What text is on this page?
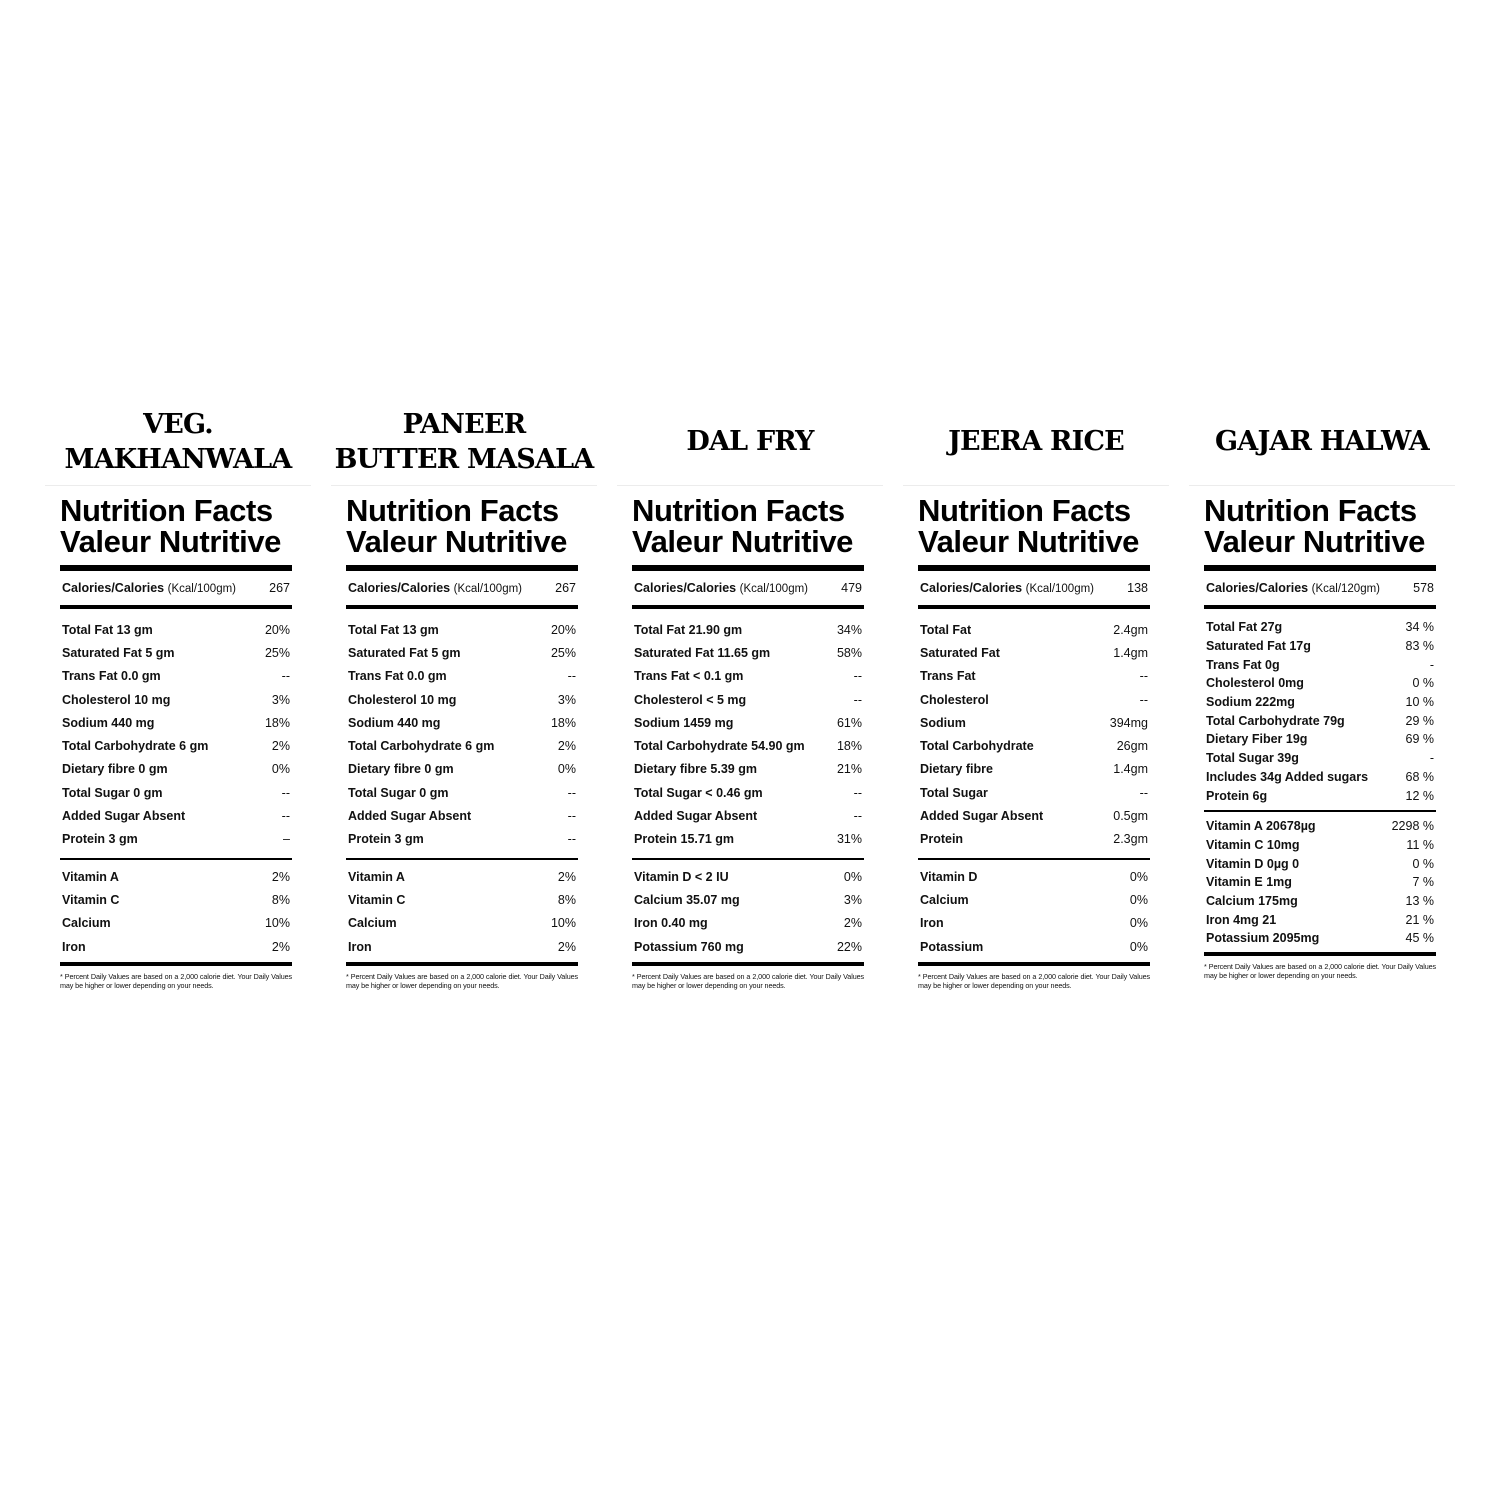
VEG.
MAKHANWALA
Nutrition Facts
Valeur Nutritive
Calories/Calories (Kcal/100gm)	267
Total Fat 13 gm	20%
Saturated Fat 5 gm	25%
Trans Fat 0.0 gm	--
Cholesterol 10 mg	3%
Sodium 440 mg	18%
Total Carbohydrate 6 gm	2%
Dietary fibre 0 gm	0%
Total Sugar 0 gm	--
Added Sugar Absent	--
Protein 3 gm	–
Vitamin A	2%
Vitamin C	8%
Calcium	10%
Iron	2%
* Percent Daily Values are based on a 2,000 calorie diet. Your Daily Values may be higher or lower depending on your needs.
PANEER
BUTTER MASALA
Nutrition Facts
Valeur Nutritive
Calories/Calories (Kcal/100gm)	267
Total Fat 13 gm	20%
Saturated Fat 5 gm	25%
Trans Fat 0.0 gm	--
Cholesterol 10 mg	3%
Sodium 440 mg	18%
Total Carbohydrate 6 gm	2%
Dietary fibre 0 gm	0%
Total Sugar 0 gm	--
Added Sugar Absent	--
Protein 3 gm	--
Vitamin A	2%
Vitamin C	8%
Calcium	10%
Iron	2%
* Percent Daily Values are based on a 2,000 calorie diet. Your Daily Values may be higher or lower depending on your needs.
DAL FRY
Nutrition Facts
Valeur Nutritive
Calories/Calories (Kcal/100gm)	479
Total Fat 21.90 gm	34%
Saturated Fat 11.65 gm	58%
Trans Fat < 0.1 gm	--
Cholesterol < 5 mg	--
Sodium 1459 mg	61%
Total Carbohydrate 54.90 gm	18%
Dietary fibre 5.39 gm	21%
Total Sugar < 0.46 gm	--
Added Sugar Absent	--
Protein 15.71 gm	31%
Vitamin D < 2 IU	0%
Calcium 35.07 mg	3%
Iron 0.40 mg	2%
Potassium 760 mg	22%
* Percent Daily Values are based on a 2,000 calorie diet. Your Daily Values may be higher or lower depending on your needs.
JEERA RICE
Nutrition Facts
Valeur Nutritive
Calories/Calories (Kcal/100gm)	138
Total Fat	2.4gm
Saturated Fat	1.4gm
Trans Fat	--
Cholesterol	--
Sodium	394mg
Total Carbohydrate	26gm
Dietary fibre	1.4gm
Total Sugar	--
Added Sugar Absent	0.5gm
Protein	2.3gm
Vitamin D	0%
Calcium	0%
Iron	0%
Potassium	0%
* Percent Daily Values are based on a 2,000 calorie diet. Your Daily Values may be higher or lower depending on your needs.
GAJAR HALWA
Nutrition Facts
Valeur Nutritive
Calories/Calories (Kcal/120gm)	578
Total Fat 27g	34 %
Saturated Fat 17g	83 %
Trans Fat 0g	-
Cholesterol 0mg	0 %
Sodium 222mg	10 %
Total Carbohydrate 79g	29 %
Dietary Fiber 19g	69 %
Total Sugar 39g	-
Includes 34g Added sugars	68 %
Protein 6g	12 %
Vitamin A 20678µg	2298 %
Vitamin C 10mg	11 %
Vitamin D 0µg 0	0 %
Vitamin E 1mg	7 %
Calcium 175mg	13 %
Iron 4mg 21	21 %
Potassium 2095mg	45 %
* Percent Daily Values are based on a 2,000 calorie diet. Your Daily Values may be higher or lower depending on your needs.
